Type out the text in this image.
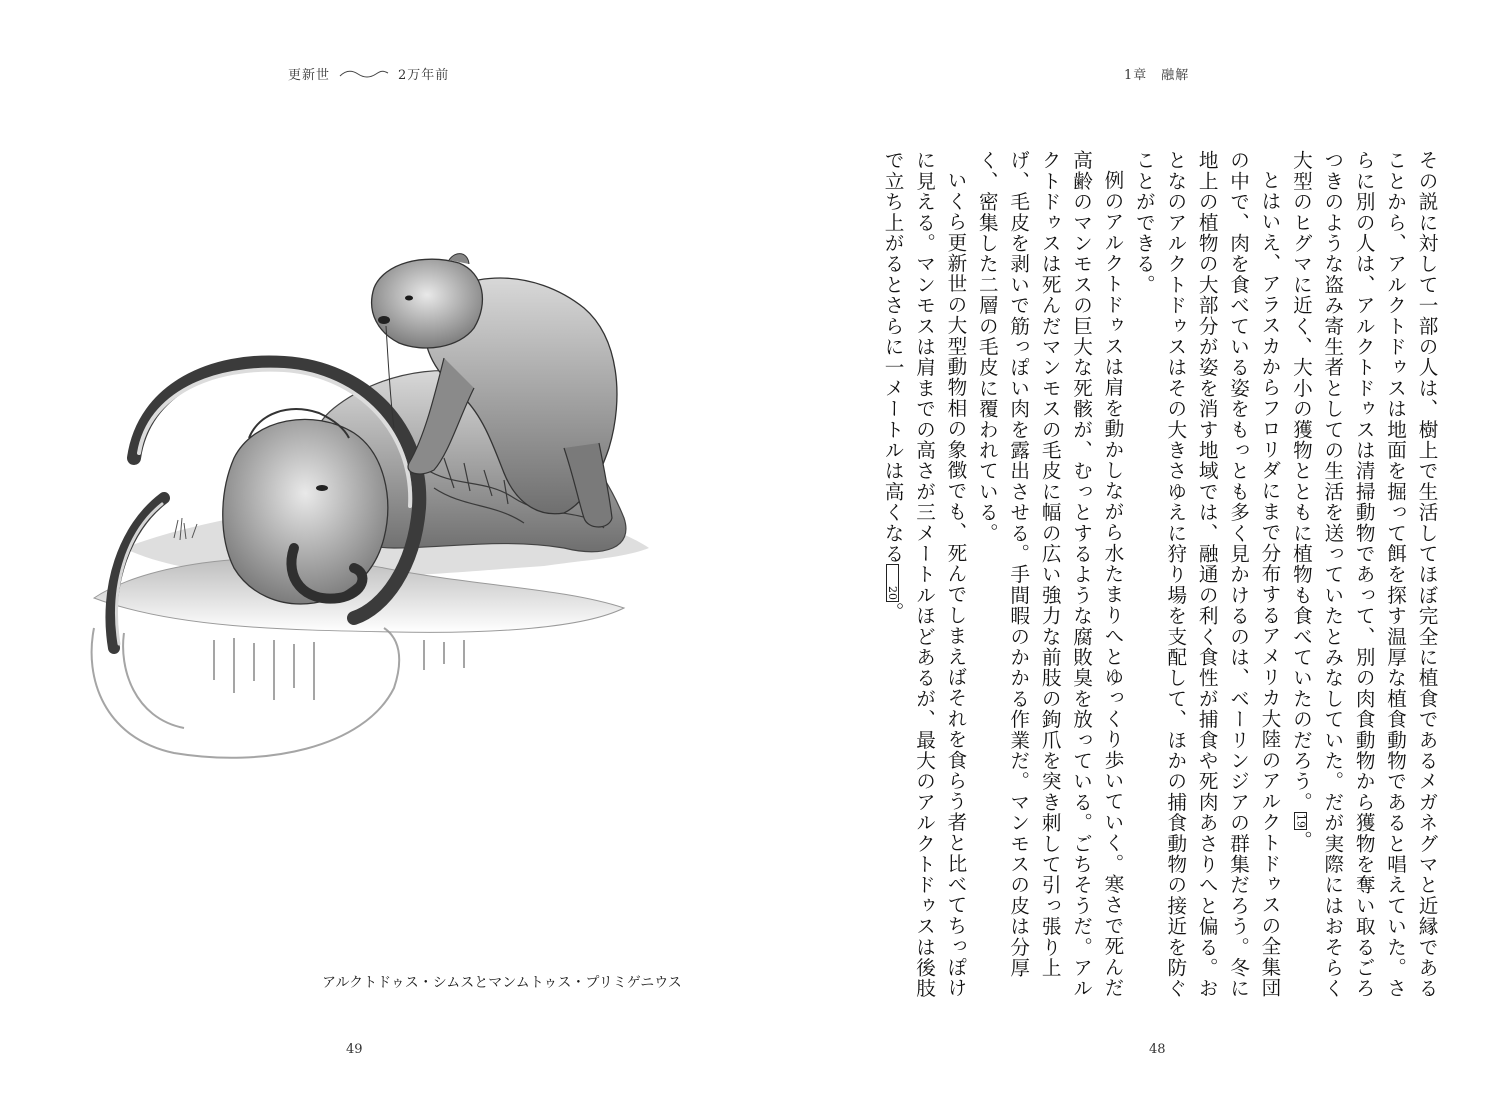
更新世	2万年前
アルクトドゥス・シムスとマンムトゥス・プリミゲニウス
49
1章　融解

その説に対して一部の人は、樹上で生活してほぼ完全に植食であるメガネグマと近縁であることから、アルクトドゥスは地面を掘って餌を探す温厚な植食動物であると唱えていた。さらに別の人は、アルクトドゥスは清掃動物であって、別の肉食動物から獲物を奪い取るごろつきのような盗み寄生者としての生活を送っていたとみなしていた。だが実際にはおそらく大型のヒグマに近く、大小の獲物とともに植物も食べていたのだろう。19。

とはいえ、アラスカからフロリダにまで分布するアメリカ大陸のアルクトドゥスの全集団の中で、肉を食べている姿をもっとも多く見かけるのは、ベーリンジアの群集だろう。冬に地上の植物の大部分が姿を消す地域では、融通の利く食性が捕食や死肉あさりへと偏る。おとなのアルクトドゥスはその大きさゆえに狩り場を支配して、ほかの捕食動物の接近を防ぐことができる。

例のアルクトドゥスは肩を動かしながら水たまりへとゆっくり歩いていく。寒さで死んだ高齢のマンモスの巨大な死骸が、むっとするような腐敗臭を放っている。ごちそうだ。アルクトドゥスは死んだマンモスの毛皮に幅の広い強力な前肢の鉤爪を突き刺して引っ張り上げ、毛皮を剥いで筋っぽい肉を露出させる。手間暇のかかる作業だ。マンモスの皮は分厚く、密集した二層の毛皮に覆われている。

いくら更新世の大型動物相の象徴でも、死んでしまえばそれを食らう者と比べてちっぽけに見える。マンモスは肩までの高さが三メートルほどあるが、最大のアルクトドゥスは後肢で立ち上がるとさらに一メートルは高くなる20。

48
